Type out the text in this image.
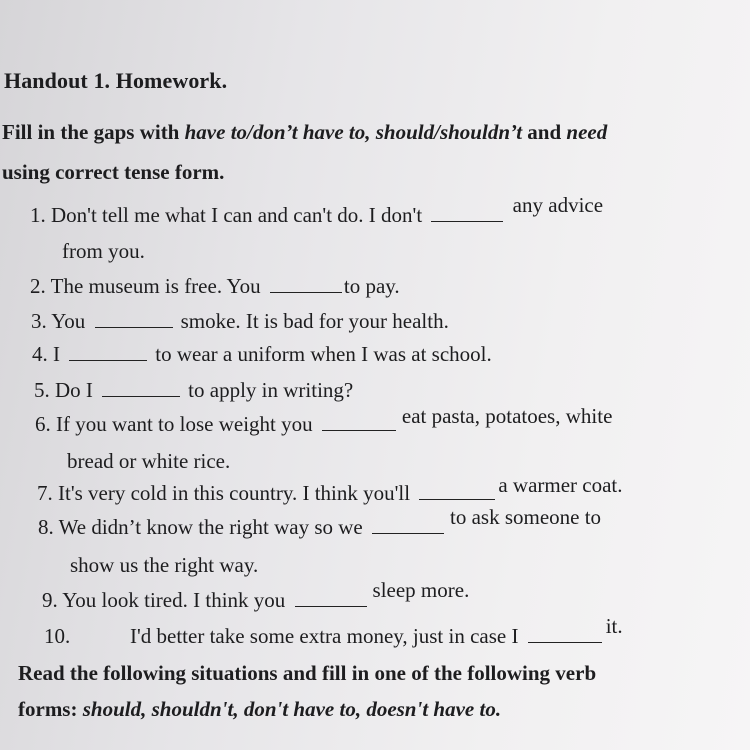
Handout 1. Homework.
Fill in the gaps with have to/don’t have to, should/shouldn’t and need
using correct tense form.
1. Don't tell me what I can and can't do. I don't	any advice
from you.
2. The museum is free. You	to pay.
3. You	smoke. It is bad for your health.
4. I	to wear a uniform when I was at school.
5. Do I	to apply in writing?
6. If you want to lose weight you	eat pasta, potatoes, white
bread or white rice.
7. It's very cold in this country. I think you'll	a warmer coat.
8. We didn’t know the right way so we	to ask someone to
show us the right way.
9. You look tired. I think you	sleep more.
10.	I'd better take some extra money, just in case I	it.
Read the following situations and fill in one of the following verb
forms: should, shouldn't, don't have to, doesn't have to.
